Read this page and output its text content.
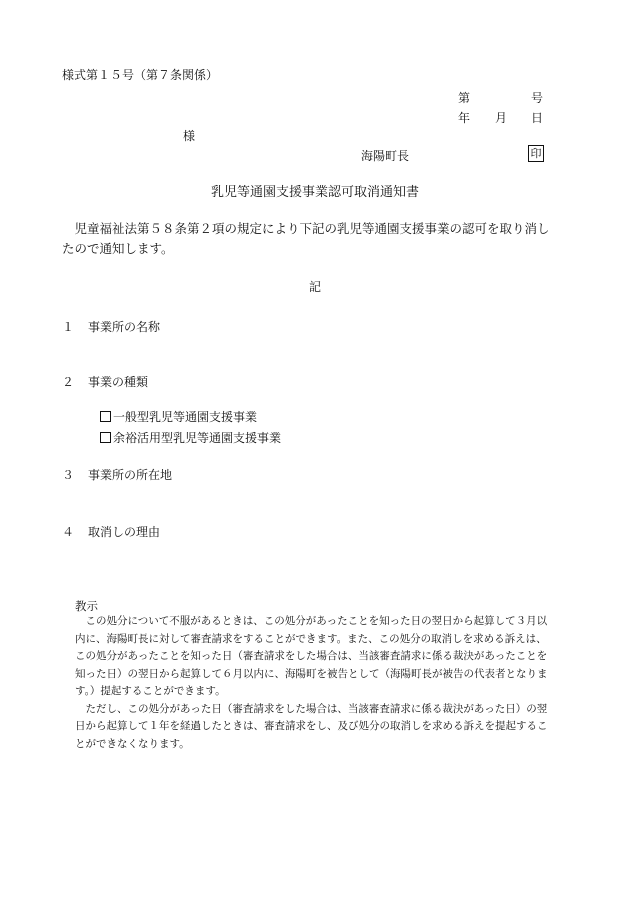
様式第１５号（第７条関係）
第	号
年 月 日
様
海陽町長	印
乳児等通園支援事業認可取消通知書
　児童福祉法第５８条第２項の規定により下記の乳児等通園支援事業の認可を取り消したので通知します。
記
１ 事業所の名称
２ 事業の種類
一般型乳児等通園支援事業
余裕活用型乳児等通園支援事業
３ 事業所の所在地
４ 取消しの理由
教示

この処分について不服があるときは、この処分があったことを知った日の翌日から起算して３月以内に、海陽町長に対して審査請求をすることができます。また、この処分の取消しを求める訴えは、この処分があったことを知った日（審査請求をした場合は、当該審査請求に係る裁決があったことを知った日）の翌日から起算して６月以内に、海陽町を被告として（海陽町長が被告の代表者となります。）提起することができます。

ただし、この処分があった日（審査請求をした場合は、当該審査請求に係る裁決があった日）の翌日から起算して１年を経過したときは、審査請求をし、及び処分の取消しを求める訴えを提起することができなくなります。
